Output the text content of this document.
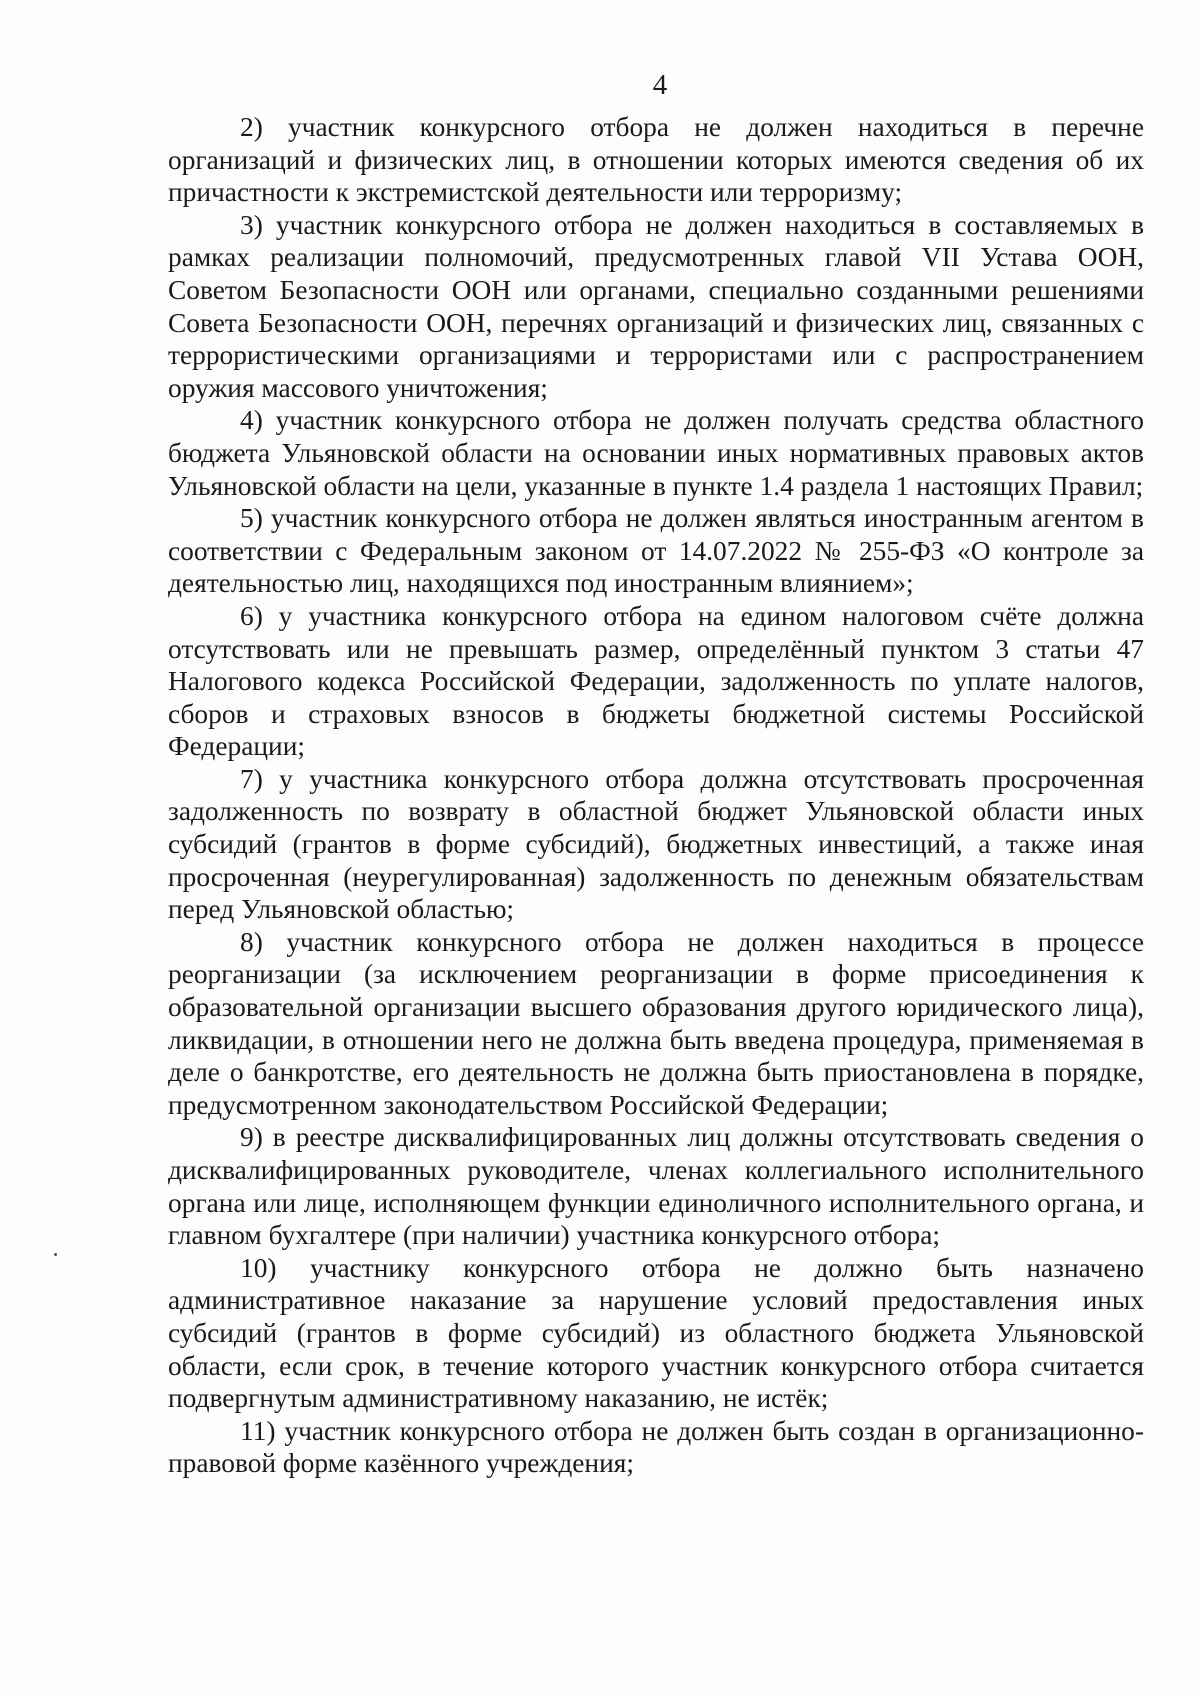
4

2) участник конкурсного отбора не должен находиться в перечне организаций и физических лиц, в отношении которых имеются сведения об их причастности к экстремистской деятельности или терроризму;

3) участник конкурсного отбора не должен находиться в составляемых в рамках реализации полномочий, предусмотренных главой VII Устава ООН, Советом Безопасности ООН или органами, специально созданными решениями Совета Безопасности ООН, перечнях организаций и физических лиц, связанных с террористическими организациями и террористами или с распространением оружия массового уничтожения;

4) участник конкурсного отбора не должен получать средства областного бюджета Ульяновской области на основании иных нормативных правовых актов Ульяновской области на цели, указанные в пункте 1.4 раздела 1 настоящих Правил;

5) участник конкурсного отбора не должен являться иностранным агентом в соответствии с Федеральным законом от 14.07.2022 № 255-ФЗ «О контроле за деятельностью лиц, находящихся под иностранным влиянием»;

6) у участника конкурсного отбора на едином налоговом счёте должна отсутствовать или не превышать размер, определённый пунктом 3 статьи 47 Налогового кодекса Российской Федерации, задолженность по уплате налогов, сборов и страховых взносов в бюджеты бюджетной системы Российской Федерации;

7) у участника конкурсного отбора должна отсутствовать просроченная задолженность по возврату в областной бюджет Ульяновской области иных субсидий (грантов в форме субсидий), бюджетных инвестиций, а также иная просроченная (неурегулированная) задолженность по денежным обязательствам перед Ульяновской областью;

8) участник конкурсного отбора не должен находиться в процессе реорганизации (за исключением реорганизации в форме присоединения к образовательной организации высшего образования другого юридического лица), ликвидации, в отношении него не должна быть введена процедура, применяемая в деле о банкротстве, его деятельность не должна быть приостановлена в порядке, предусмотренном законодательством Российской Федерации;

9) в реестре дисквалифицированных лиц должны отсутствовать сведения о дисквалифицированных руководителе, членах коллегиального исполнительного органа или лице, исполняющем функции единоличного исполнительного органа, и главном бухгалтере (при наличии) участника конкурсного отбора;

10) участнику конкурсного отбора не должно быть назначено административное наказание за нарушение условий предоставления иных субсидий (грантов в форме субсидий) из областного бюджета Ульяновской области, если срок, в течение которого участник конкурсного отбора считается подвергнутым административному наказанию, не истёк;

11) участник конкурсного отбора не должен быть создан в организационно-правовой форме казённого учреждения;
